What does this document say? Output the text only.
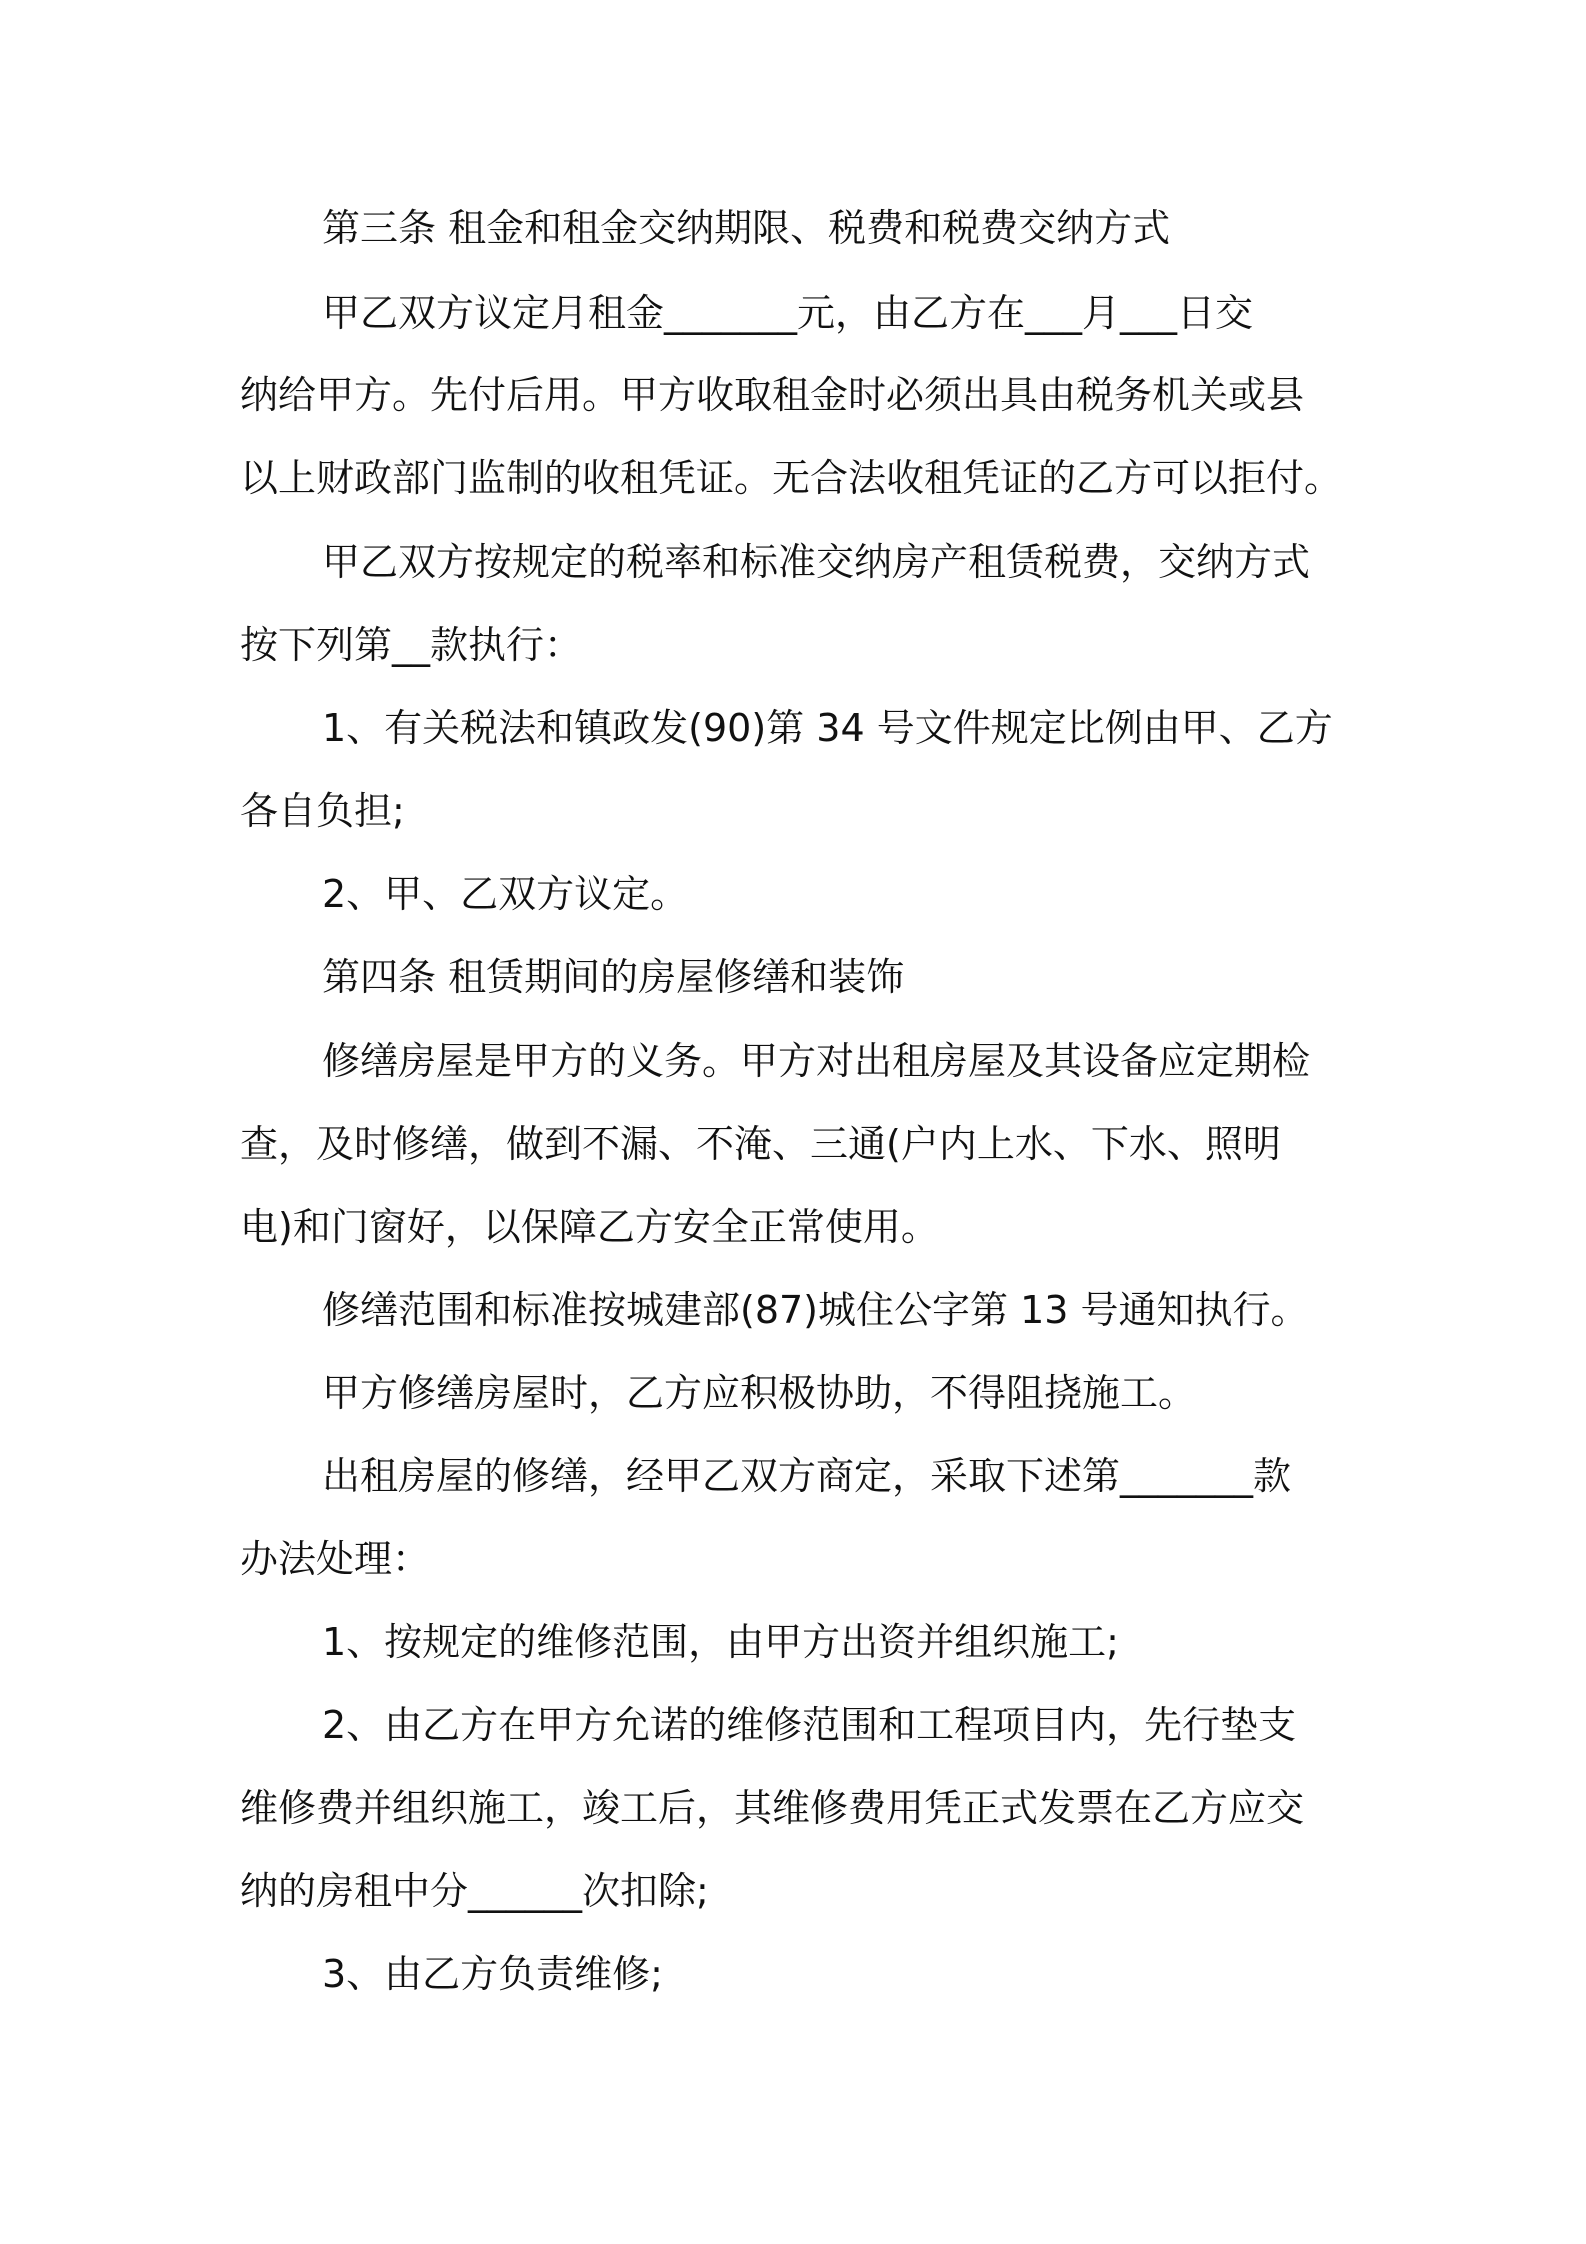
第三条 租金和租金交纳期限、税费和税费交纳方式
甲乙双方议定月租金_______元，由乙方在___月___日交
纳给甲方。先付后用。甲方收取租金时必须出具由税务机关或县
以上财政部门监制的收租凭证。无合法收租凭证的乙方可以拒付。
甲乙双方按规定的税率和标准交纳房产租赁税费，交纳方式
按下列第__款执行：
1、有关税法和镇政发(90)第 34 号文件规定比例由甲、乙方
各自负担;
2、甲、乙双方议定。
第四条 租赁期间的房屋修缮和装饰
修缮房屋是甲方的义务。甲方对出租房屋及其设备应定期检
查，及时修缮，做到不漏、不淹、三通(户内上水、下水、照明
电)和门窗好，以保障乙方安全正常使用。
修缮范围和标准按城建部(87)城住公字第 13 号通知执行。
甲方修缮房屋时，乙方应积极协助，不得阻挠施工。
出租房屋的修缮，经甲乙双方商定，采取下述第_______款
办法处理：
1、按规定的维修范围，由甲方出资并组织施工;
2、由乙方在甲方允诺的维修范围和工程项目内，先行垫支
维修费并组织施工，竣工后，其维修费用凭正式发票在乙方应交
纳的房租中分______次扣除;
3、由乙方负责维修;
